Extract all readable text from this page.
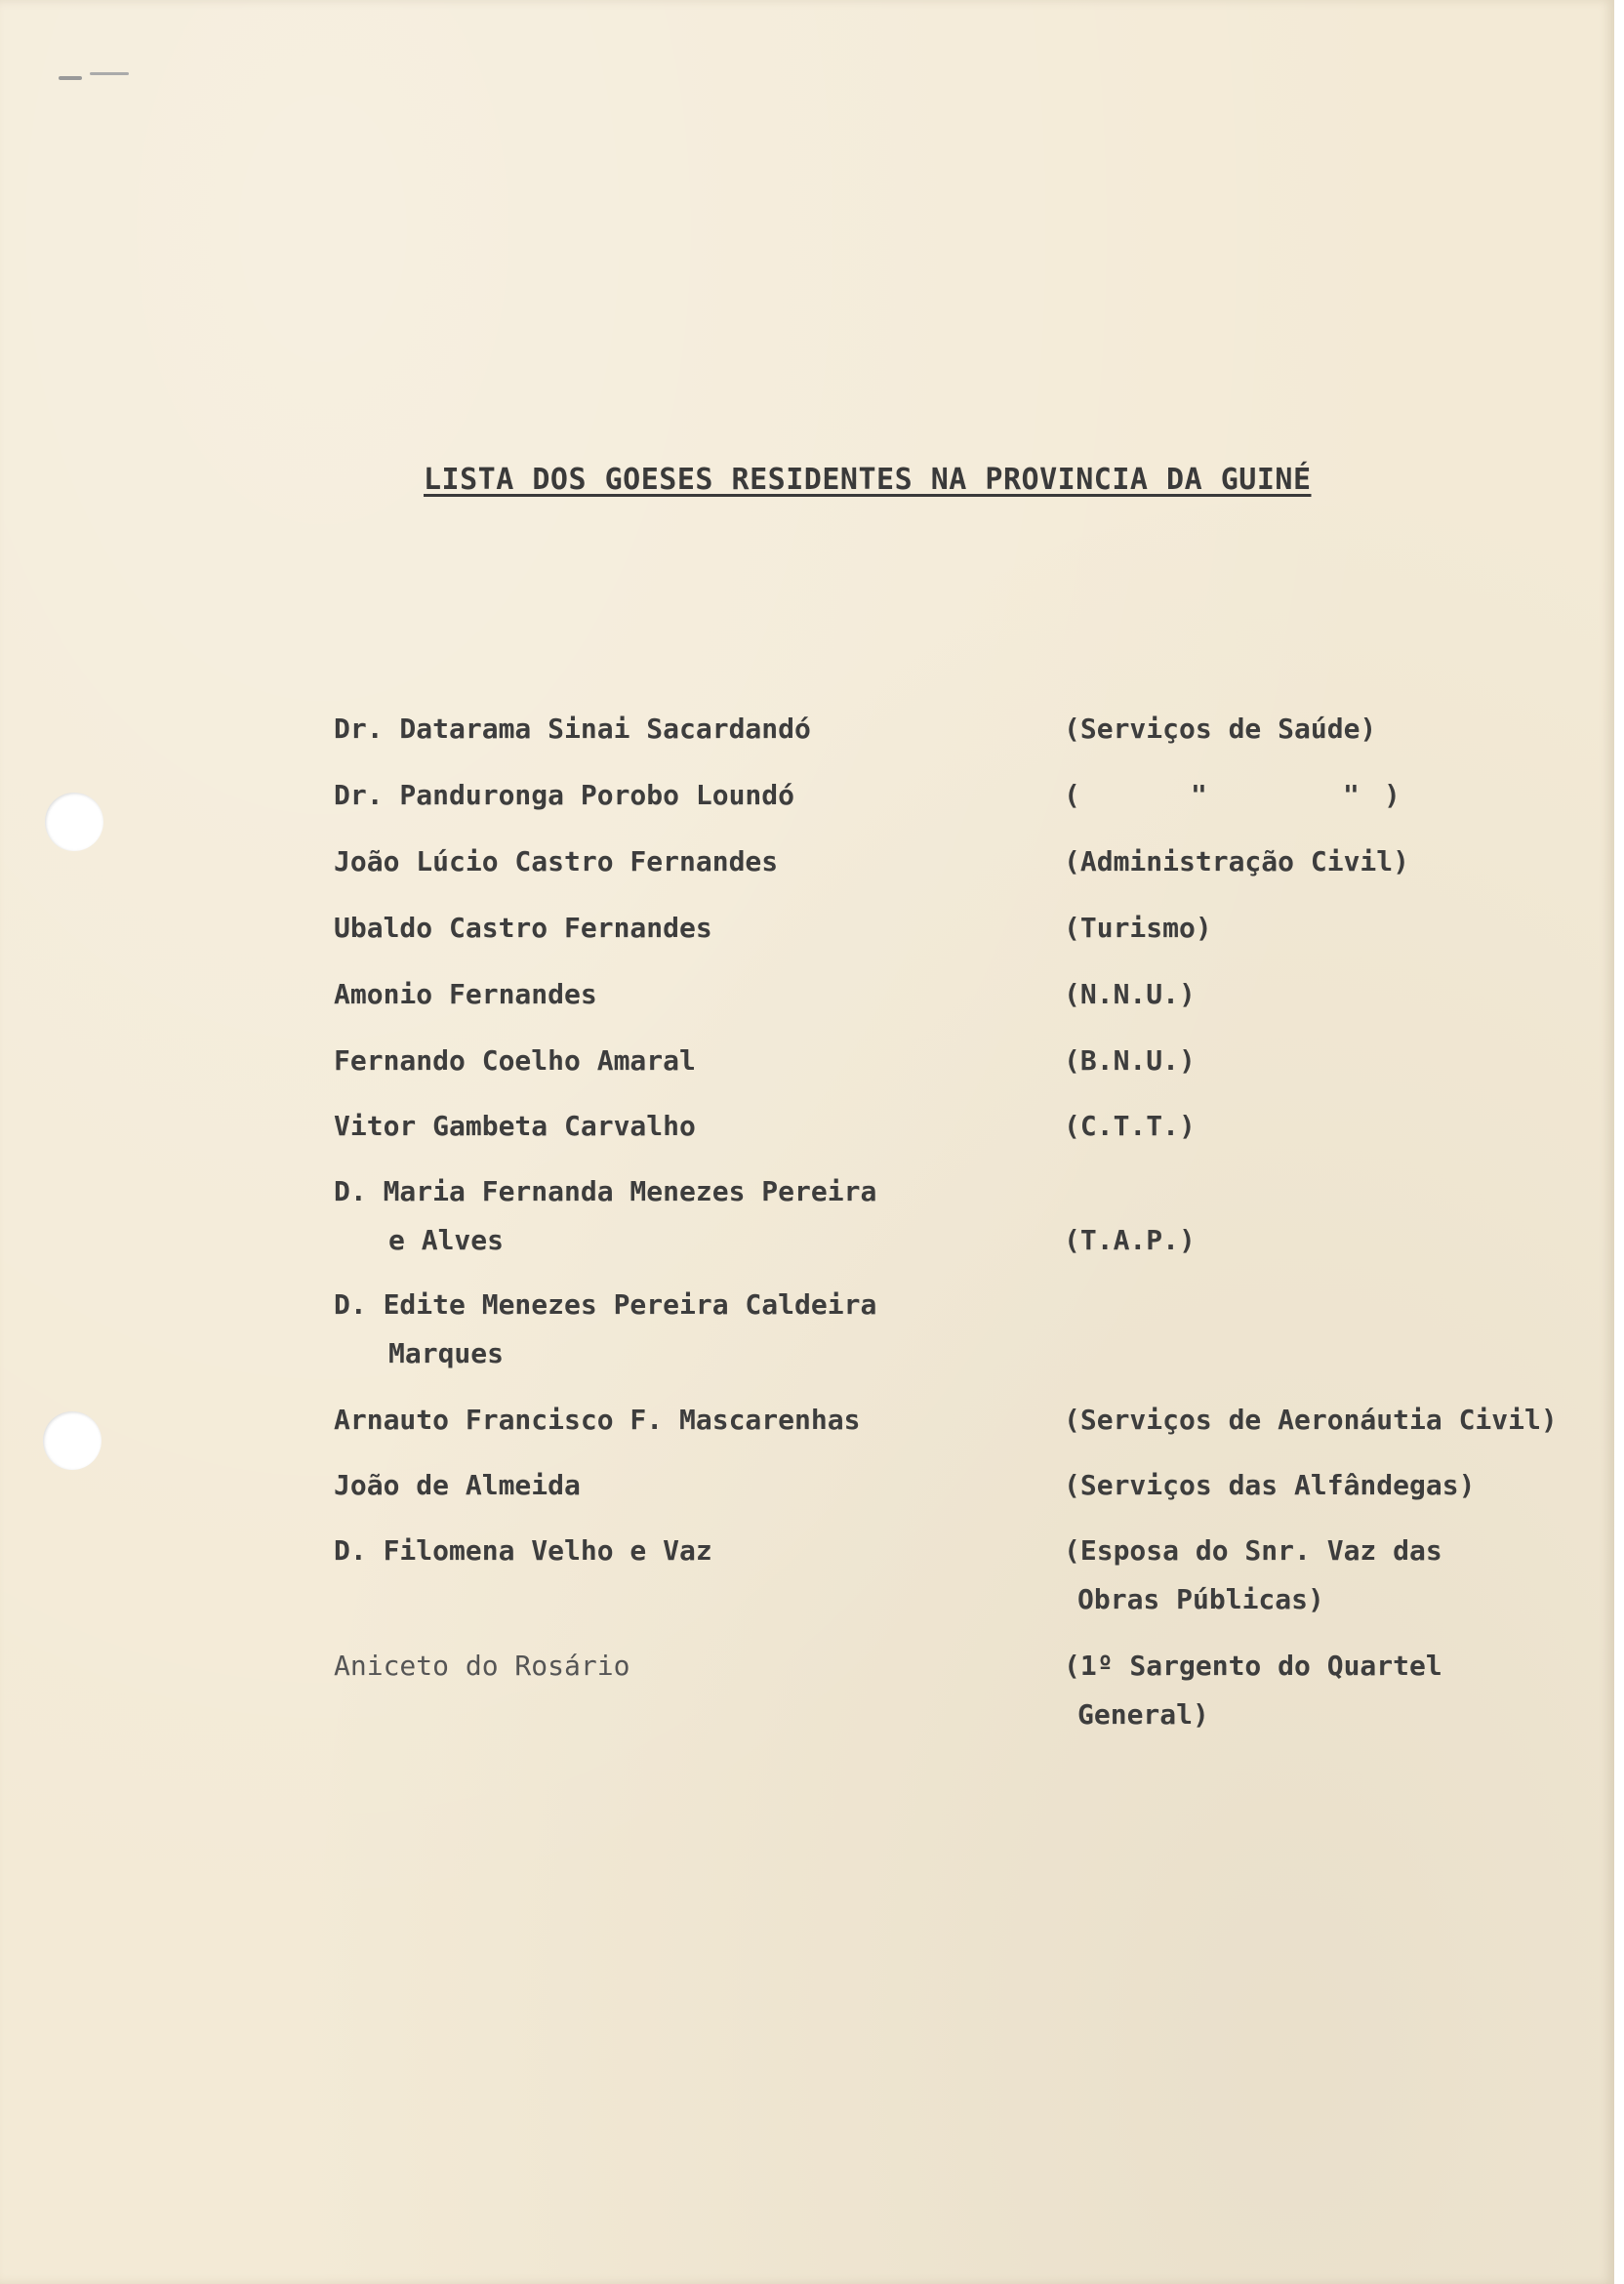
LISTA DOS GOESES RESIDENTES NA PROVINCIA DA GUINÉ
Dr. Datarama Sinai Sacardandó	(Serviços de Saúde)
Dr. Panduronga Porobo Loundó	(	"	" )
João Lúcio Castro Fernandes	(Administração Civil)
Ubaldo Castro Fernandes	(Turismo)
Amonio Fernandes	(N.N.U.)
Fernando Coelho Amaral	(B.N.U.)
Vitor Gambeta Carvalho	(C.T.T.)
D. Maria Fernanda Menezes Pereira
e Alves	(T.A.P.)
D. Edite Menezes Pereira Caldeira
Marques
Arnauto Francisco F. Mascarenhas	(Serviços de Aeronáutia Civil)
João de Almeida	(Serviços das Alfândegas)
D. Filomena Velho e Vaz	(Esposa do Snr. Vaz das
Obras Públicas)
Aniceto do Rosário	(1º Sargento do Quartel
General)
